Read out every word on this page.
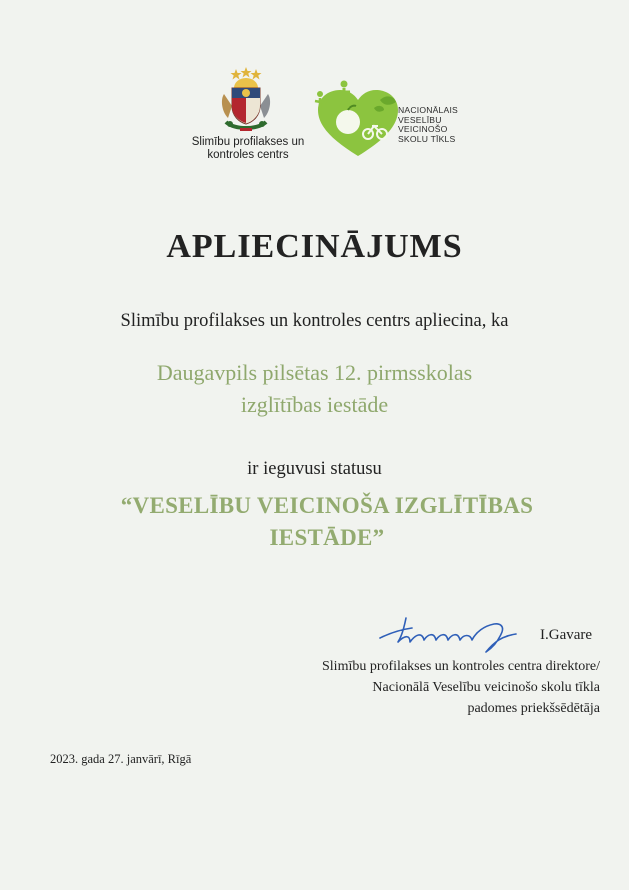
Slimību profilakses un
kontroles centrs
NACIONĀLAIS
VESELĪBU
VEICINOŠO
SKOLU TĪKLS
APLIECINĀJUMS
Slimību profilakses un kontroles centrs apliecina, ka
Daugavpils pilsētas 12. pirmsskolas
izglītības iestāde
ir ieguvusi statusu
“VESELĪBU VEICINOŠA IZGLĪTĪBAS
IESTĀDE”
I.Gavare
Slimību profilakses un kontroles centra direktore/
Nacionālā Veselību veicinošo skolu tīkla
padomes priekšsēdētāja
2023. gada 27. janvārī, Rīgā
